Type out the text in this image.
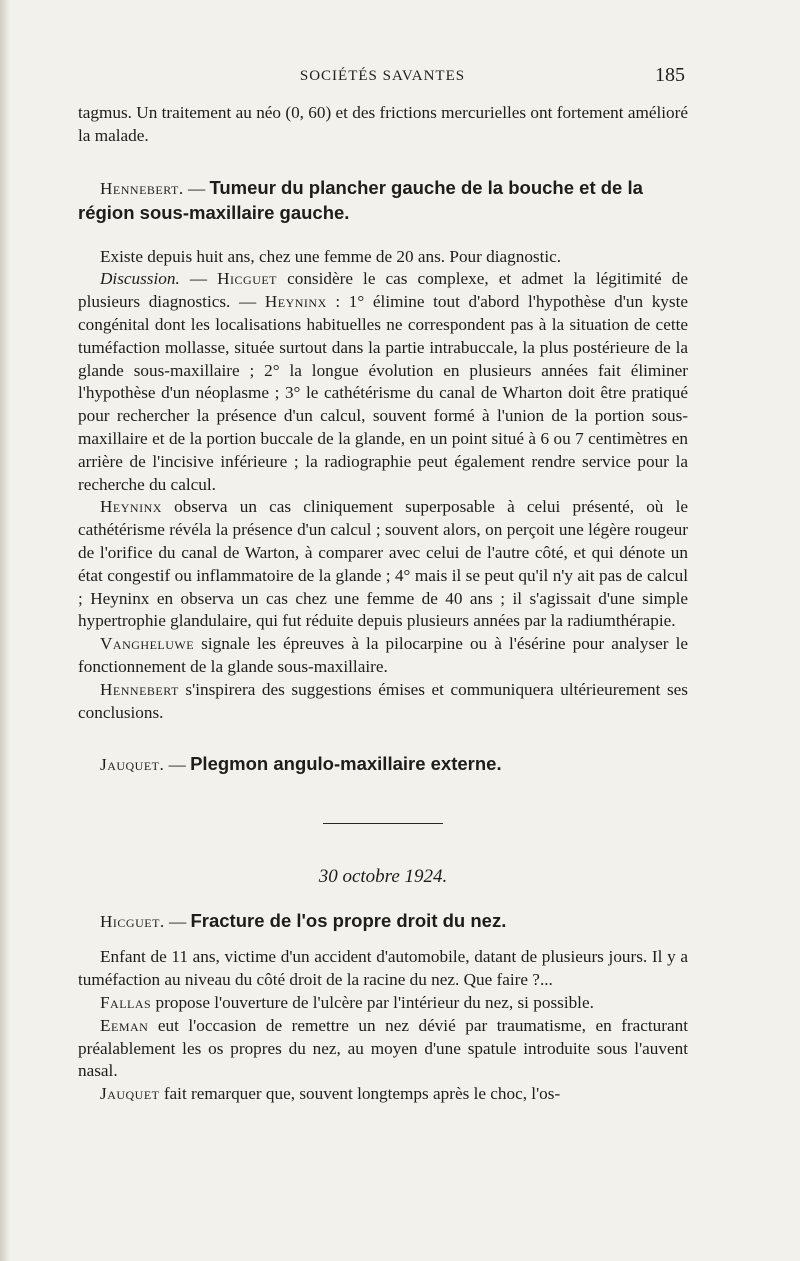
SOCIÉTÉS SAVANTES	185

tagmus. Un traitement au néo (0, 60) et des frictions mercurielles ont fortement amélioré la malade.

Hennebert. — Tumeur du plancher gauche de la bouche et de la région sous-maxillaire gauche.

Existe depuis huit ans, chez une femme de 20 ans. Pour diagnostic.

Discussion. — Hicguet considère le cas complexe, et admet la légitimité de plusieurs diagnostics. — Heyninx : 1° élimine tout d'abord l'hypothèse d'un kyste congénital dont les localisations habituelles ne correspondent pas à la situation de cette tuméfaction mollasse, située surtout dans la partie intrabuccale, la plus postérieure de la glande sous-maxillaire ; 2° la longue évolution en plusieurs années fait éliminer l'hypothèse d'un néoplasme ; 3° le cathétérisme du canal de Wharton doit être pratiqué pour rechercher la présence d'un calcul, souvent formé à l'union de la portion sous-maxillaire et de la portion buccale de la glande, en un point situé à 6 ou 7 centimètres en arrière de l'incisive inférieure ; la radiographie peut également rendre service pour la recherche du calcul.

Heyninx observa un cas cliniquement superposable à celui présenté, où le cathétérisme révéla la présence d'un calcul ; souvent alors, on perçoit une légère rougeur de l'orifice du canal de Warton, à comparer avec celui de l'autre côté, et qui dénote un état congestif ou inflammatoire de la glande ; 4° mais il se peut qu'il n'y ait pas de calcul ; Heyninx en observa un cas chez une femme de 40 ans ; il s'agissait d'une simple hypertrophie glandulaire, qui fut réduite depuis plusieurs années par la radiumthérapie.

Vangheluwe signale les épreuves à la pilocarpine ou à l'ésérine pour analyser le fonctionnement de la glande sous-maxillaire.

Hennebert s'inspirera des suggestions émises et communiquera ultérieurement ses conclusions.

Jauquet. — Plegmon angulo-maxillaire externe.

30 octobre 1924.

Hicguet. — Fracture de l'os propre droit du nez.

Enfant de 11 ans, victime d'un accident d'automobile, datant de plusieurs jours. Il y a tuméfaction au niveau du côté droit de la racine du nez. Que faire ?...

Fallas propose l'ouverture de l'ulcère par l'intérieur du nez, si possible.

Eeman eut l'occasion de remettre un nez dévié par traumatisme, en fracturant préalablement les os propres du nez, au moyen d'une spatule introduite sous l'auvent nasal.

Jauquet fait remarquer que, souvent longtemps après le choc, l'os-
